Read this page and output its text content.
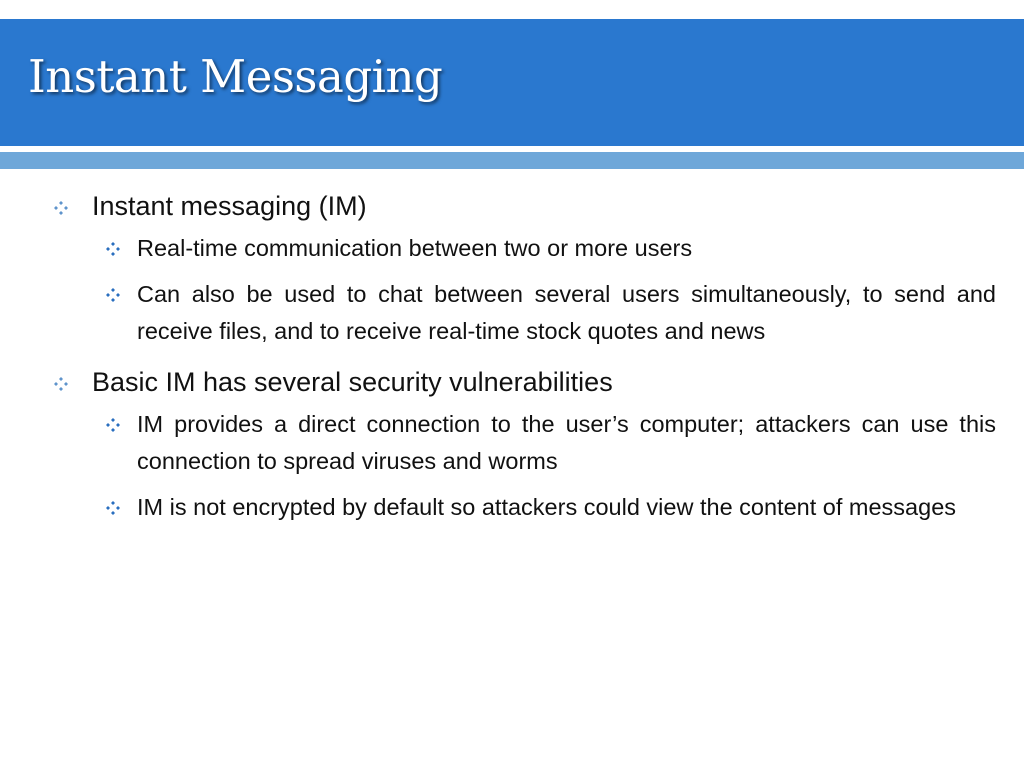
Instant Messaging
Instant messaging (IM)
Real-time communication between two or more users
Can also be used to chat between several users simultaneously, to send and receive files, and to receive real-time stock quotes and news
Basic IM has several security vulnerabilities
IM provides a direct connection to the user’s computer; attackers can use this connection to spread viruses and worms
IM is not encrypted by default so attackers could view the content of messages
